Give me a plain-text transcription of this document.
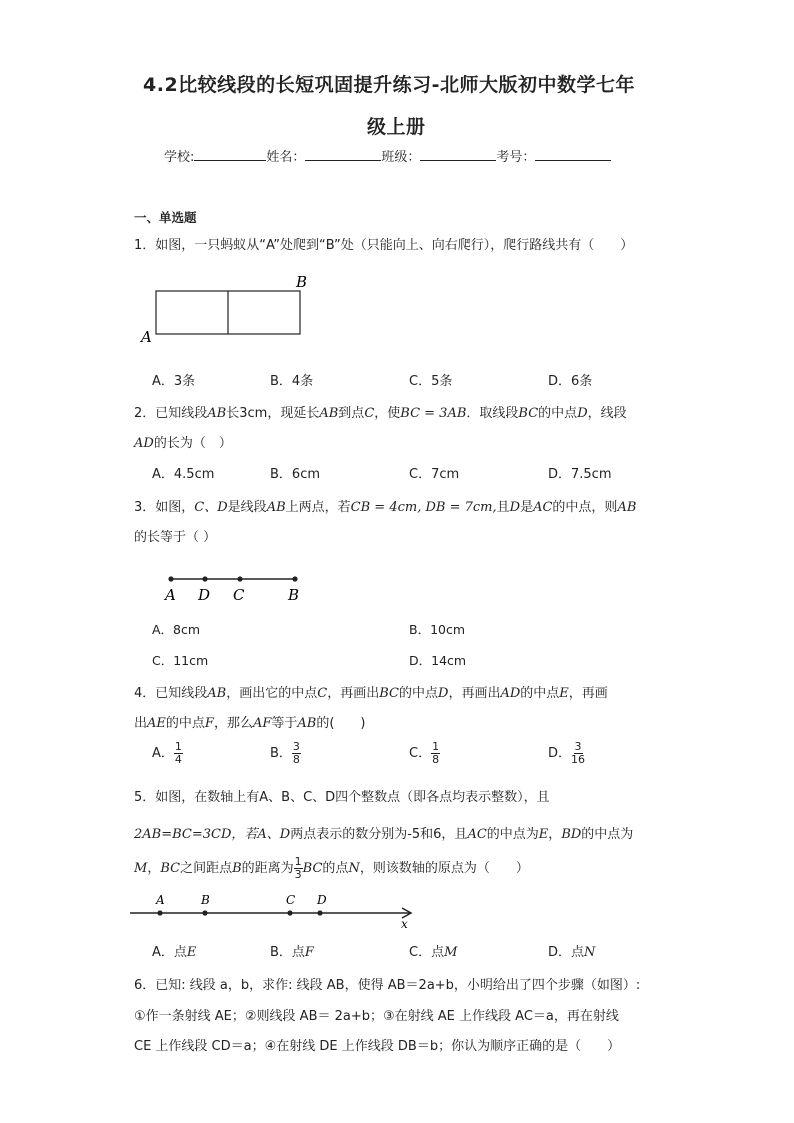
4.2比较线段的长短巩固提升练习-北师大版初中数学七年
级上册
学校:	姓名：	班级：	考号：
一、单选题
1．如图，一只蚂蚁从“A”处爬到“B”处（只能向上、向右爬行），爬行路线共有（　　）
A
B
A．3条	B．4条	C．5条	D．6条
2．已知线段AB长3cm，现延长AB到点C，使BC = 3AB．取线段BC的中点D，线段
AD的长为（　）
A．4.5cm	B．6cm	C．7cm	D．7.5cm
3．如图，C、D是线段AB上两点，若CB = 4cm, DB = 7cm,且D是AC的中点，则AB
的长等于（ ）
A D C	B
A．8cm	B．10cm
C．11cm	D．14cm
4．已知线段AB，画出它的中点C，再画出BC的中点D，再画出AD的中点E，再画
出AE的中点F，那么AF等于AB的(　　)
A． $\frac{1}{4}$	B． $\frac{3}{8}$	C． $\frac{1}{8}$	D． $\frac{3}{16}$
5．如图，在数轴上有A、B、C、D四个整数点（即各点均表示整数），且
2AB=BC=3CD，若A、D两点表示的数分别为-5和6，且AC的中点为E，BD的中点为
M，BC之间距点B的距离为 $\frac{1}{3}$ BC的点N，则该数轴的原点为（　　）
A	B	C D
x
A．点E	B．点F	C．点M	D．点N
6．已知: 线段 a，b，求作: 线段 AB，使得 AB＝2a+b，小明给出了四个步骤（如图）:
①作一条射线 AE；②则线段 AB＝ 2a+b；③在射线 AE 上作线段 AC＝a，再在射线
CE 上作线段 CD＝a；④在射线 DE 上作线段 DB＝b；你认为顺序正确的是（　　）
